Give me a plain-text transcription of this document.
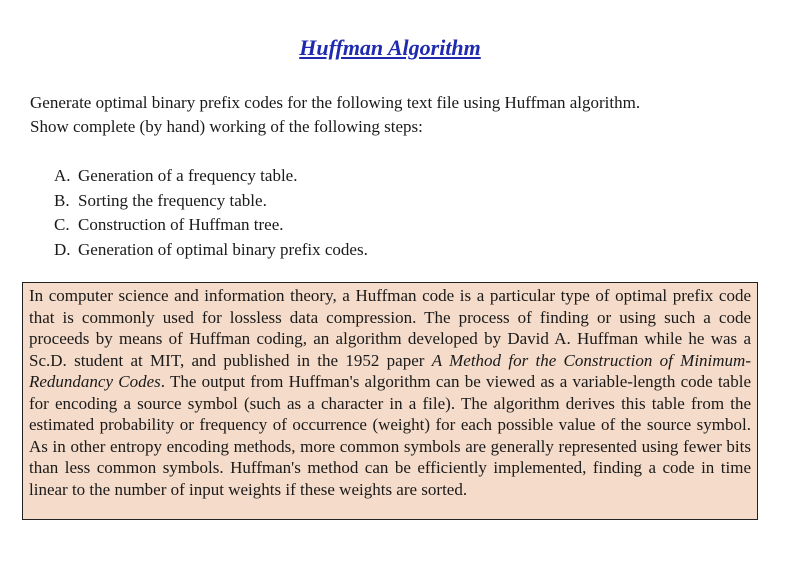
Huffman Algorithm

Generate optimal binary prefix codes for the following text file using Huffman algorithm.

Show complete (by hand) working of the following steps:

A. Generation of a frequency table.
B. Sorting the frequency table.
C. Construction of Huffman tree.
D. Generation of optimal binary prefix codes.
In computer science and information theory, a Huffman code is a particular type of optimal prefix code that is commonly used for lossless data compression. The process of finding or using such a code proceeds by means of Huffman coding, an algorithm developed by David A. Huffman while he was a Sc.D. student at MIT, and published in the 1952 paper A Method for the Construction of Minimum-Redundancy Codes. The output from Huffman's algorithm can be viewed as a variable-length code table for encoding a source symbol (such as a character in a file). The algorithm derives this table from the estimated probability or frequency of occurrence (weight) for each possible value of the source symbol. As in other entropy encoding methods, more common symbols are generally represented using fewer bits than less common symbols. Huffman's method can be efficiently implemented, finding a code in time linear to the number of input weights if these weights are sorted.
